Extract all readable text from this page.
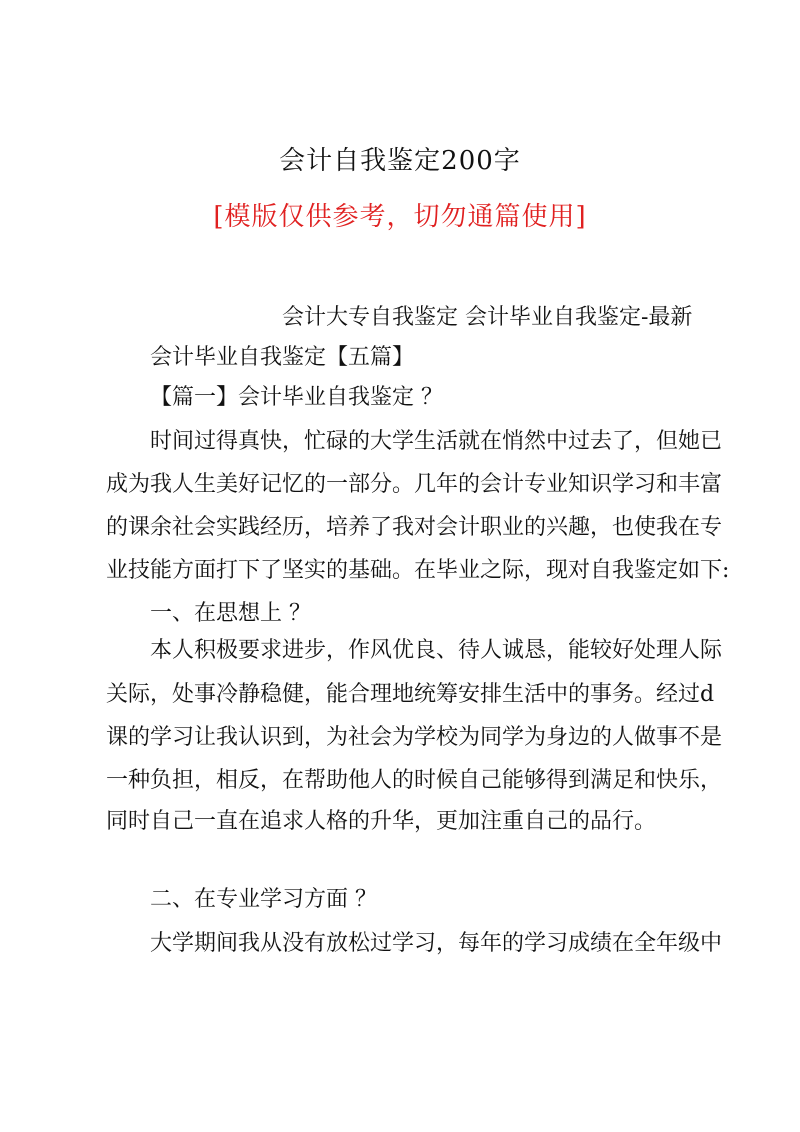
会计自我鉴定200字
[模版仅供参考，切勿通篇使用]
会计大专自我鉴定 会计毕业自我鉴定-最新
会计毕业自我鉴定【五篇】
【篇一】会计毕业自我鉴定 ？
时间过得真快，忙碌的大学生活就在悄然中过去了，但她已
成为我人生美好记忆的一部分。几年的会计专业知识学习和丰富
的课余社会实践经历，培养了我对会计职业的兴趣，也使我在专
业技能方面打下了坚实的基础。在毕业之际，现对自我鉴定如下:
一、在思想上 ？
本人积极要求进步，作风优良、待人诚恳，能较好处理人际
关际，处事冷静稳健，能合理地统筹安排生活中的事务。经过d
课的学习让我认识到，为社会为学校为同学为身边的人做事不是
一种负担，相反，在帮助他人的时候自己能够得到满足和快乐，
同时自己一直在追求人格的升华，更加注重自己的品行。
二、在专业学习方面 ？
大学期间我从没有放松过学习，每年的学习成绩在全年级中
